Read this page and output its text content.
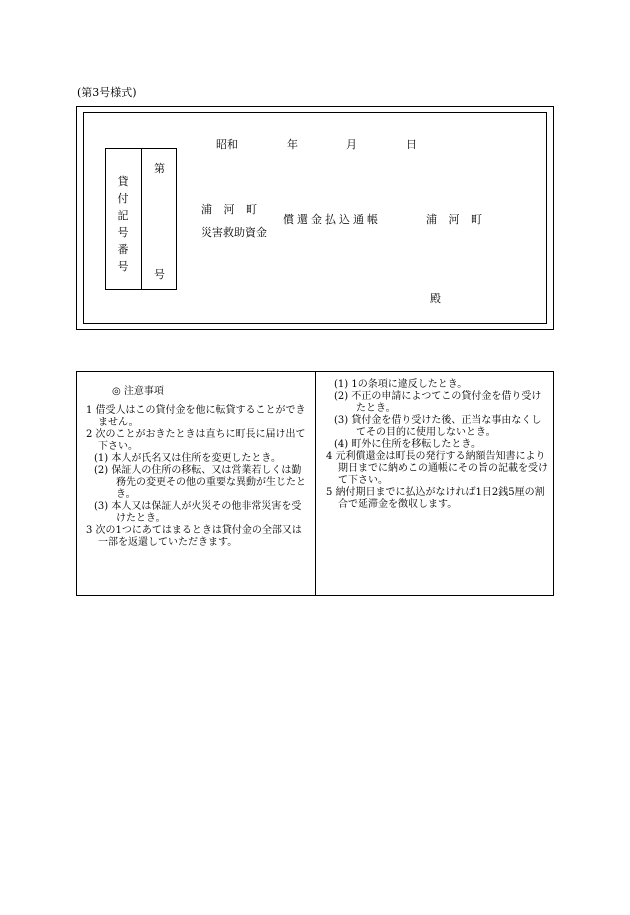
(第3号様式)
昭和	年	月	日
貸付記号番号
第
号
浦 河 町
災害救助資金
償還金払込通帳	浦 河 町
殿

◎ 注意事項

1 借受人はこの貸付金を他に転貸することができません。

2 次のことがおきたときは直ちに町長に届け出て下さい。

(1) 本人が氏名又は住所を変更したとき。

(2) 保証人の住所の移転、又は営業若しくは勤務先の変更その他の重要な異動が生じたとき。

(3) 本人又は保証人が火災その他非常災害を受けたとき。

3 次の1つにあてはまるときは貸付金の全部又は一部を返還していただきます。

(1) 1の条項に違反したとき。

(2) 不正の申請によつてこの貸付金を借り受けたとき。

(3) 貸付金を借り受けた後、正当な事由なくしてその目的に使用しないとき。

(4) 町外に住所を移転したとき。

4 元利償還金は町長の発行する納額告知書により期日までに納めこの通帳にその旨の記載を受けて下さい。

5 納付期日までに払込がなければ1日2銭5厘の割合で延滞金を徴収します。
